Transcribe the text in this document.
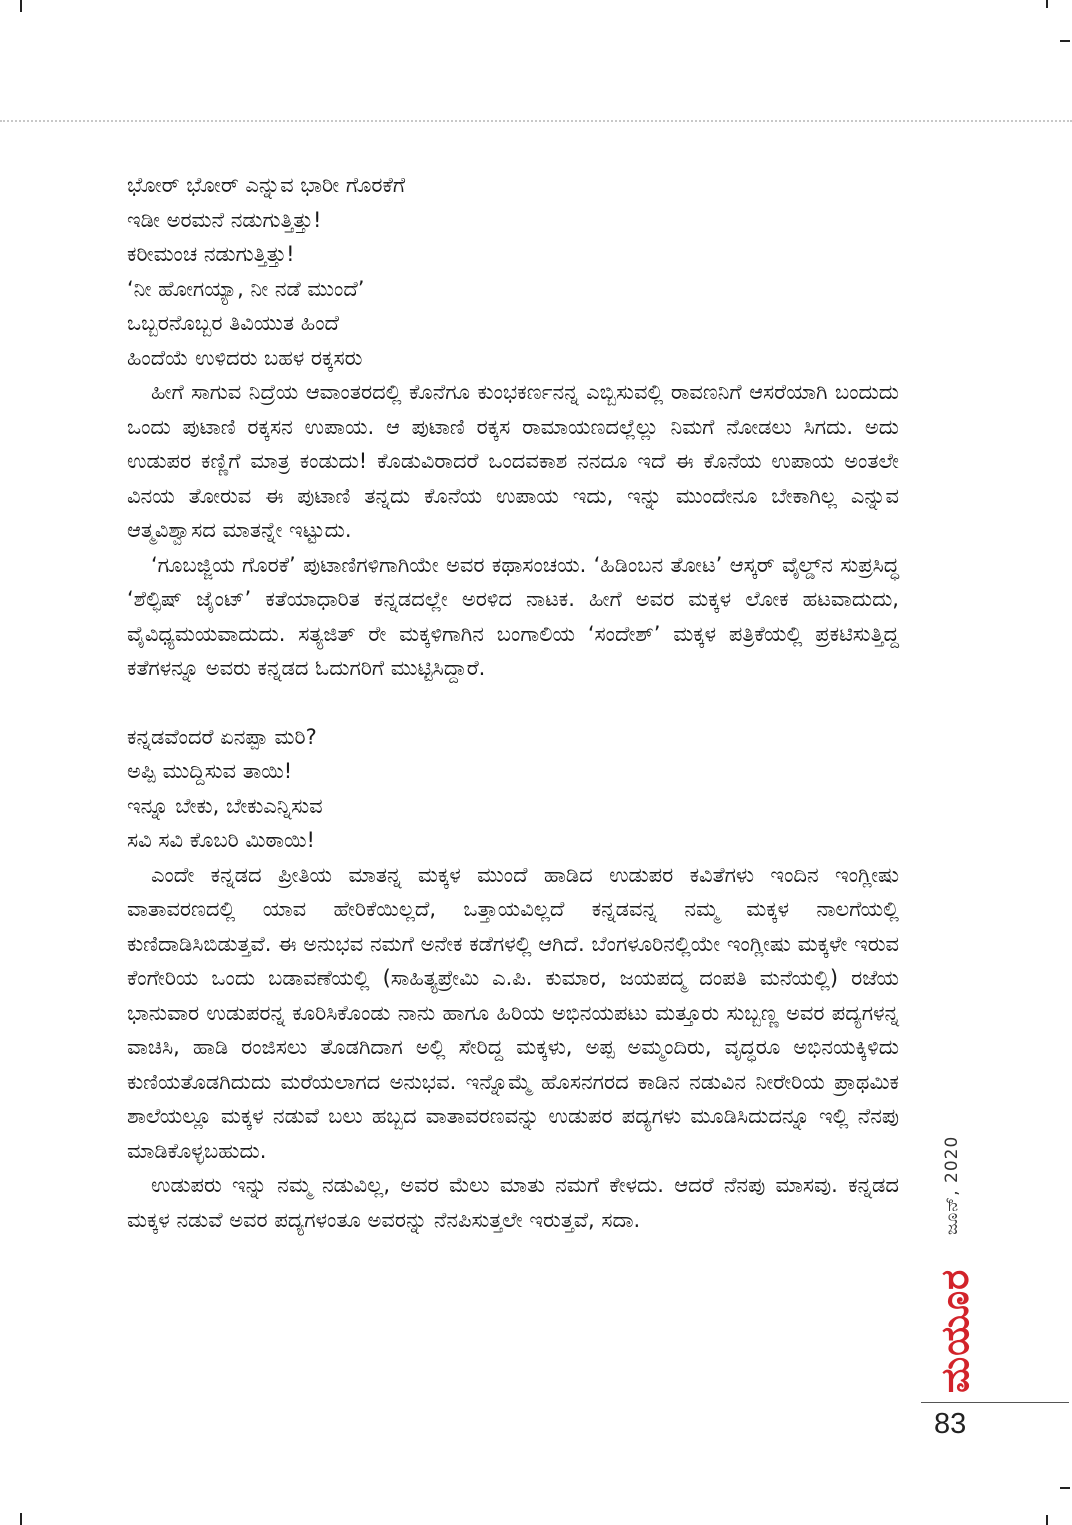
ಭೋರ್ ಭೋರ್ ಎನ್ನುವ ಭಾರೀ ಗೊರಕೆಗೆ
ಇಡೀ ಅರಮನೆ ನಡುಗುತ್ತಿತ್ತು!
ಕರೀಮಂಚ ನಡುಗುತ್ತಿತ್ತು!
‘ನೀ ಹೋಗಯ್ಯಾ, ನೀ ನಡೆ ಮುಂದೆ’
ಒಬ್ಬರನೊಬ್ಬರ ತಿವಿಯುತ ಹಿಂದೆ
ಹಿಂದೆಯೆ ಉಳಿದರು ಬಹಳ ರಕ್ಕಸರು

ಹೀಗೆ ಸಾಗುವ ನಿದ್ರೆಯ ಆವಾಂತರದಲ್ಲಿ ಕೊನೆಗೂ ಕುಂಭಕರ್ಣನನ್ನ ಎಬ್ಬಿಸುವಲ್ಲಿ ರಾವಣನಿಗೆ ಆಸರೆಯಾಗಿ ಬಂದುದು ಒಂದು ಪುಟಾಣಿ ರಕ್ಕಸನ ಉಪಾಯ. ಆ ಪುಟಾಣಿ ರಕ್ಕಸ ರಾಮಾಯಣದಲ್ಲೆಲ್ಲು ನಿಮಗೆ ನೋಡಲು ಸಿಗದು. ಅದು ಉಡುಪರ ಕಣ್ಣಿಗೆ ಮಾತ್ರ ಕಂಡುದು! ಕೊಡುವಿರಾದರೆ ಒಂದವಕಾಶ ನನದೂ ಇದೆ ಈ ಕೊನೆಯ ಉಪಾಯ ಅಂತಲೇ ವಿನಯ ತೋರುವ ಈ ಪುಟಾಣಿ ತನ್ನದು ಕೊನೆಯ ಉಪಾಯ ಇದು, ಇನ್ನು ಮುಂದೇನೂ ಬೇಕಾಗಿಲ್ಲ ಎನ್ನುವ ಆತ್ಮವಿಶ್ವಾಸದ ಮಾತನ್ನೇ ಇಟ್ಟುದು.

‘ಗೂಬಜ್ಜಿಯ ಗೊರಕೆ’ ಪುಟಾಣಿಗಳಿಗಾಗಿಯೇ ಅವರ ಕಥಾಸಂಚಯ. ‘ಹಿಡಿಂಬನ ತೋಟ’ ಆಸ್ಕರ್ ವೈಲ್ಡ್‌ನ ಸುಪ್ರಸಿದ್ಧ ‘ಶೆಲ್ಫಿಷ್ ಜೈಂಟ್’ ಕತೆಯಾಧಾರಿತ ಕನ್ನಡದಲ್ಲೇ ಅರಳಿದ ನಾಟಕ. ಹೀಗೆ ಅವರ ಮಕ್ಕಳ ಲೋಕ ಹಟವಾದುದು, ವೈವಿಧ್ಯಮಯವಾದುದು. ಸತ್ಯಜಿತ್ ರೇ ಮಕ್ಕಳಿಗಾಗಿನ ಬಂಗಾಲಿಯ ‘ಸಂದೇಶ್’ ಮಕ್ಕಳ ಪತ್ರಿಕೆಯಲ್ಲಿ ಪ್ರಕಟಿಸುತ್ತಿದ್ದ ಕತೆಗಳನ್ನೂ ಅವರು ಕನ್ನಡದ ಓದುಗರಿಗೆ ಮುಟ್ಟಿಸಿದ್ದಾರೆ.

ಕನ್ನಡವೆಂದರೆ ಏನಪ್ಪಾ ಮರಿ?
ಅಪ್ಪಿ ಮುದ್ದಿಸುವ ತಾಯಿ!
ಇನ್ನೂ ಬೇಕು, ಬೇಕುಎನ್ನಿಸುವ
ಸವಿ ಸವಿ ಕೊಬರಿ ಮಿಠಾಯಿ!

ಎಂದೇ ಕನ್ನಡದ ಪ್ರೀತಿಯ ಮಾತನ್ನ ಮಕ್ಕಳ ಮುಂದೆ ಹಾಡಿದ ಉಡುಪರ ಕವಿತೆಗಳು ಇಂದಿನ ಇಂಗ್ಲೀಷು ವಾತಾವರಣದಲ್ಲಿ ಯಾವ ಹೇರಿಕೆಯಿಲ್ಲದೆ, ಒತ್ತಾಯವಿಲ್ಲದೆ ಕನ್ನಡವನ್ನ ನಮ್ಮ ಮಕ್ಕಳ ನಾಲಗೆಯಲ್ಲಿ ಕುಣಿದಾಡಿಸಿಬಿಡುತ್ತವೆ. ಈ ಅನುಭವ ನಮಗೆ ಅನೇಕ ಕಡೆಗಳಲ್ಲಿ ಆಗಿದೆ. ಬೆಂಗಳೂರಿನಲ್ಲಿಯೇ ಇಂಗ್ಲೀಷು ಮಕ್ಕಳೇ ಇರುವ ಕೆಂಗೇರಿಯ ಒಂದು ಬಡಾವಣೆಯಲ್ಲಿ (ಸಾಹಿತ್ಯಪ್ರೇಮಿ ಎ.ಪಿ. ಕುಮಾರ, ಜಯಪದ್ಮ ದಂಪತಿ ಮನೆಯಲ್ಲಿ) ರಜೆಯ ಭಾನುವಾರ ಉಡುಪರನ್ನ ಕೂರಿಸಿಕೊಂಡು ನಾನು ಹಾಗೂ ಹಿರಿಯ ಅಭಿನಯಪಟು ಮತ್ತೂರು ಸುಬ್ಬಣ್ಣ ಅವರ ಪದ್ಯಗಳನ್ನ ವಾಚಿಸಿ, ಹಾಡಿ ರಂಜಿಸಲು ತೊಡಗಿದಾಗ ಅಲ್ಲಿ ಸೇರಿದ್ದ ಮಕ್ಕಳು, ಅಪ್ಪ ಅಮ್ಮಂದಿರು, ವೃದ್ಧರೂ ಅಭಿನಯಕ್ಕಿಳಿದು ಕುಣಿಯತೊಡಗಿದುದು ಮರೆಯಲಾಗದ ಅನುಭವ. ಇನ್ನೊಮ್ಮೆ ಹೊಸನಗರದ ಕಾಡಿನ ನಡುವಿನ ನೀರೇರಿಯ ಪ್ರಾಥಮಿಕ ಶಾಲೆಯಲ್ಲೂ ಮಕ್ಕಳ ನಡುವೆ ಬಲು ಹಬ್ಬದ ವಾತಾವರಣವನ್ನು ಉಡುಪರ ಪದ್ಯಗಳು ಮೂಡಿಸಿದುದನ್ನೂ ಇಲ್ಲಿ ನೆನಪು ಮಾಡಿಕೊಳ್ಳಬಹುದು.

ಉಡುಪರು ಇನ್ನು ನಮ್ಮ ನಡುವಿಲ್ಲ, ಅವರ ಮೆಲು ಮಾತು ನಮಗೆ ಕೇಳದು. ಆದರೆ ನೆನಪು ಮಾಸವು. ಕನ್ನಡದ ಮಕ್ಕಳ ನಡುವೆ ಅವರ ಪದ್ಯಗಳಂತೂ ಅವರನ್ನು ನೆನಪಿಸುತ್ತಲೇ ಇರುತ್ತವೆ, ಸದಾ.	ಜೂನ್, 2020
ಮಯೂರ
83
